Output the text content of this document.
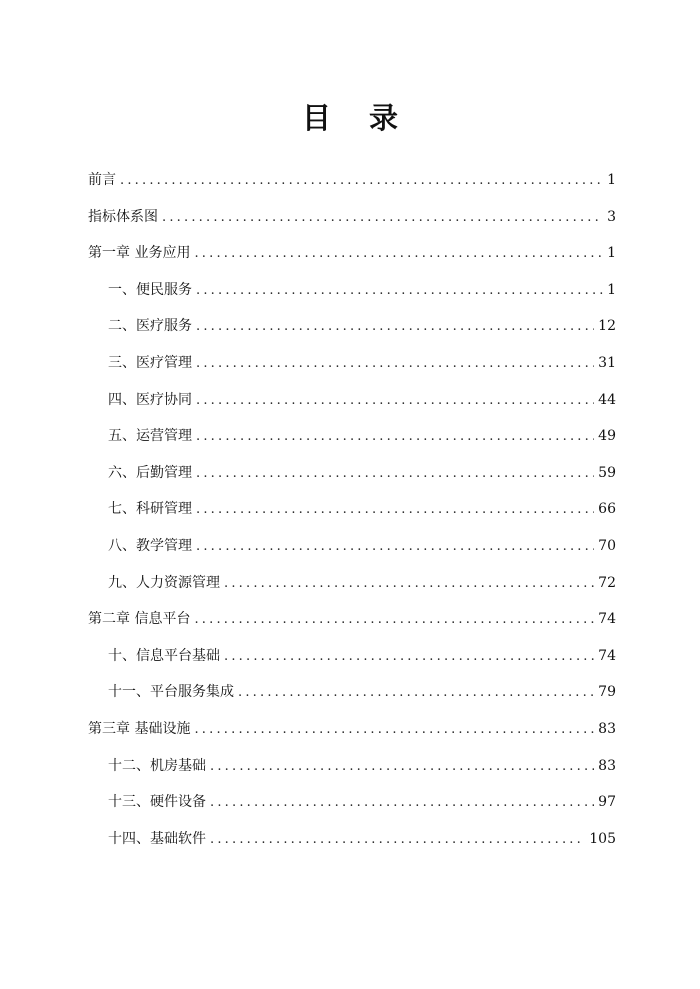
目 录
前言 .....	1
指标体系图 .....	3
第一章 业务应用 .....	1
一、便民服务 .....	1
二、医疗服务 .....	12
三、医疗管理 .....	31
四、医疗协同 .....	44
五、运营管理 .....	49
六、后勤管理 .....	59
七、科研管理 .....	66
八、教学管理 .....	70
九、人力资源管理 .....	72
第二章 信息平台 .....	74
十、信息平台基础 .....	74
十一、平台服务集成 .....	79
第三章 基础设施 .....	83
十二、机房基础 .....	83
十三、硬件设备 .....	97
十四、基础软件 .....	105
